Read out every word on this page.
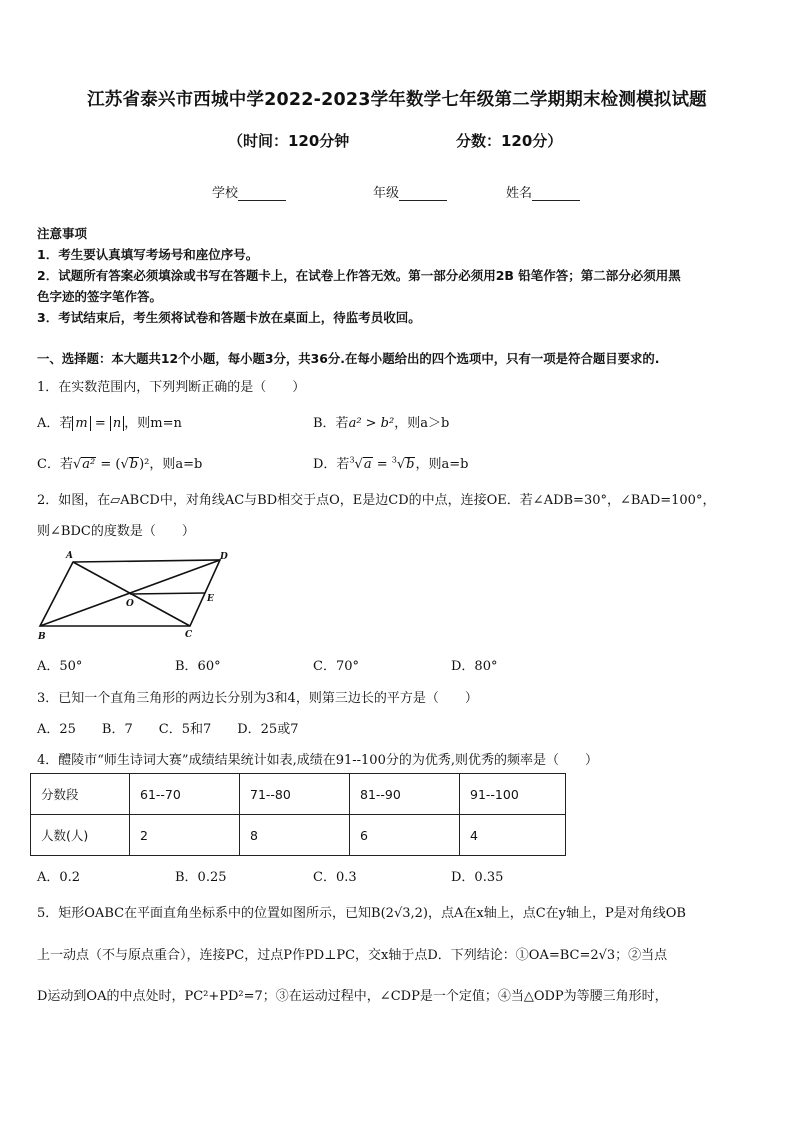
江苏省泰兴市西城中学2022-2023学年数学七年级第二学期期末检测模拟试题
（时间：120分钟	分数：120分）
学校	年级	姓名
注意事项
1．考生要认真填写考场号和座位序号。
2．试题所有答案必须填涂或书写在答题卡上，在试卷上作答无效。第一部分必须用2B 铅笔作答；第二部分必须用黑
色字迹的签字笔作答。
3．考试结束后，考生须将试卷和答题卡放在桌面上，待监考员收回。
一、选择题：本大题共12个小题，每小题3分，共36分.在每小题给出的四个选项中，只有一项是符合题目要求的.
1．在实数范围内，下列判断正确的是（　　）
A．若 m = n ，则m=n	B．若a² > b²，则a＞b
C．若√a² = (√b)²，则a=b	D．若$^3$√a = $^3$√b，则a=b
2．如图，在▱ABCD中，对角线AC与BD相交于点O，E是边CD的中点，连接OE．若∠ADB=30°，∠BAD=100°，
则∠BDC的度数是（　　）
A	D
O	E
B	C
A．50°	B．60°	C．70°	D．80°
3．已知一个直角三角形的两边长分别为3和4，则第三边长的平方是（　　）
A．25　　B．7　　C．5和7　　D．25或7
4．醴陵市“师生诗词大赛”成绩结果统计如表,成绩在91--100分的为优秀,则优秀的频率是（　　）
分数段	61--70	71--80	81--90	91--100
人数(人)	2	8	6	4
A．0.2	B．0.25	C．0.3	D．0.35
5．矩形OABC在平面直角坐标系中的位置如图所示，已知B(2√3,2)，点A在x轴上，点C在y轴上，P是对角线OB
上一动点（不与原点重合），连接PC，过点P作PD⊥PC，交x轴于点D．下列结论：①OA=BC=2√3；②当点
D运动到OA的中点处时，PC²+PD²=7；③在运动过程中，∠CDP是一个定值；④当△ODP为等腰三角形时，
